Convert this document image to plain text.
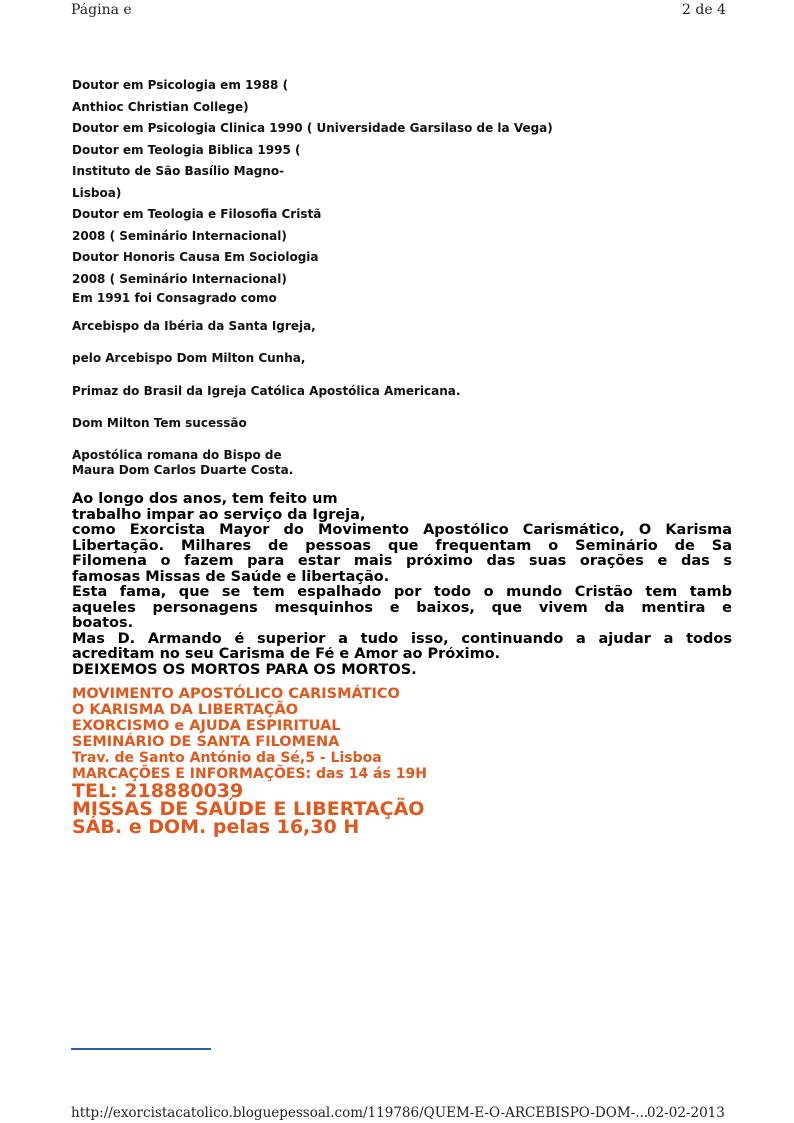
Página e	2 de 4
Doutor em Psicologia em 1988 (
Anthioc Christian College)
Doutor em Psicologia Clinica 1990 ( Universidade Garsilaso de la Vega)
Doutor em Teologia Biblica 1995 (
Instituto de São Basílio Magno-
Lisboa)
Doutor em Teologia e Filosofia Cristã
2008 ( Seminário Internacional)
Doutor Honoris Causa Em Sociologia
2008 ( Seminário Internacional)
Em 1991 foi Consagrado como
Arcebispo da Ibéria da Santa Igreja,
pelo Arcebispo Dom Milton Cunha,
Primaz do Brasil da Igreja Católica Apostólica Americana.
Dom Milton Tem sucessão
Apostólica romana do Bispo de
Maura Dom Carlos Duarte Costa.
Ao longo dos anos, tem feito um
trabalho impar ao serviço da Igreja,
como Exorcista Mayor do Movimento Apostólico Carismático, O Karisma
Libertação. Milhares de pessoas que frequentam o Seminário de Sa
Filomena o fazem para estar mais próximo das suas orações e das s
famosas Missas de Saúde e libertação.
Esta fama, que se tem espalhado por todo o mundo Cristão tem tamb
aqueles personagens mesquinhos e baixos, que vivem da mentira e
boatos.
Mas D. Armando é superior a tudo isso, continuando a ajudar a todos
acreditam no seu Carisma de Fé e Amor ao Próximo.
DEIXEMOS OS MORTOS PARA OS MORTOS.
MOVIMENTO APOSTÓLICO CARISMÁTICO
O KARISMA DA LIBERTAÇÃO
EXORCISMO e AJUDA ESPIRITUAL
SEMINÁRIO DE SANTA FILOMENA
Trav. de Santo António da Sé,5 - Lisboa
MARCAÇÕES E INFORMAÇÕES: das 14 ás 19H
TEL: 218880039
MISSAS DE SAÚDE E LIBERTAÇÃO
SÁB. e DOM. pelas 16,30 H
http://exorcistacatolico.bloguepessoal.com/119786/QUEM-E-O-ARCEBISPO-DOM-...
02-02-2013
